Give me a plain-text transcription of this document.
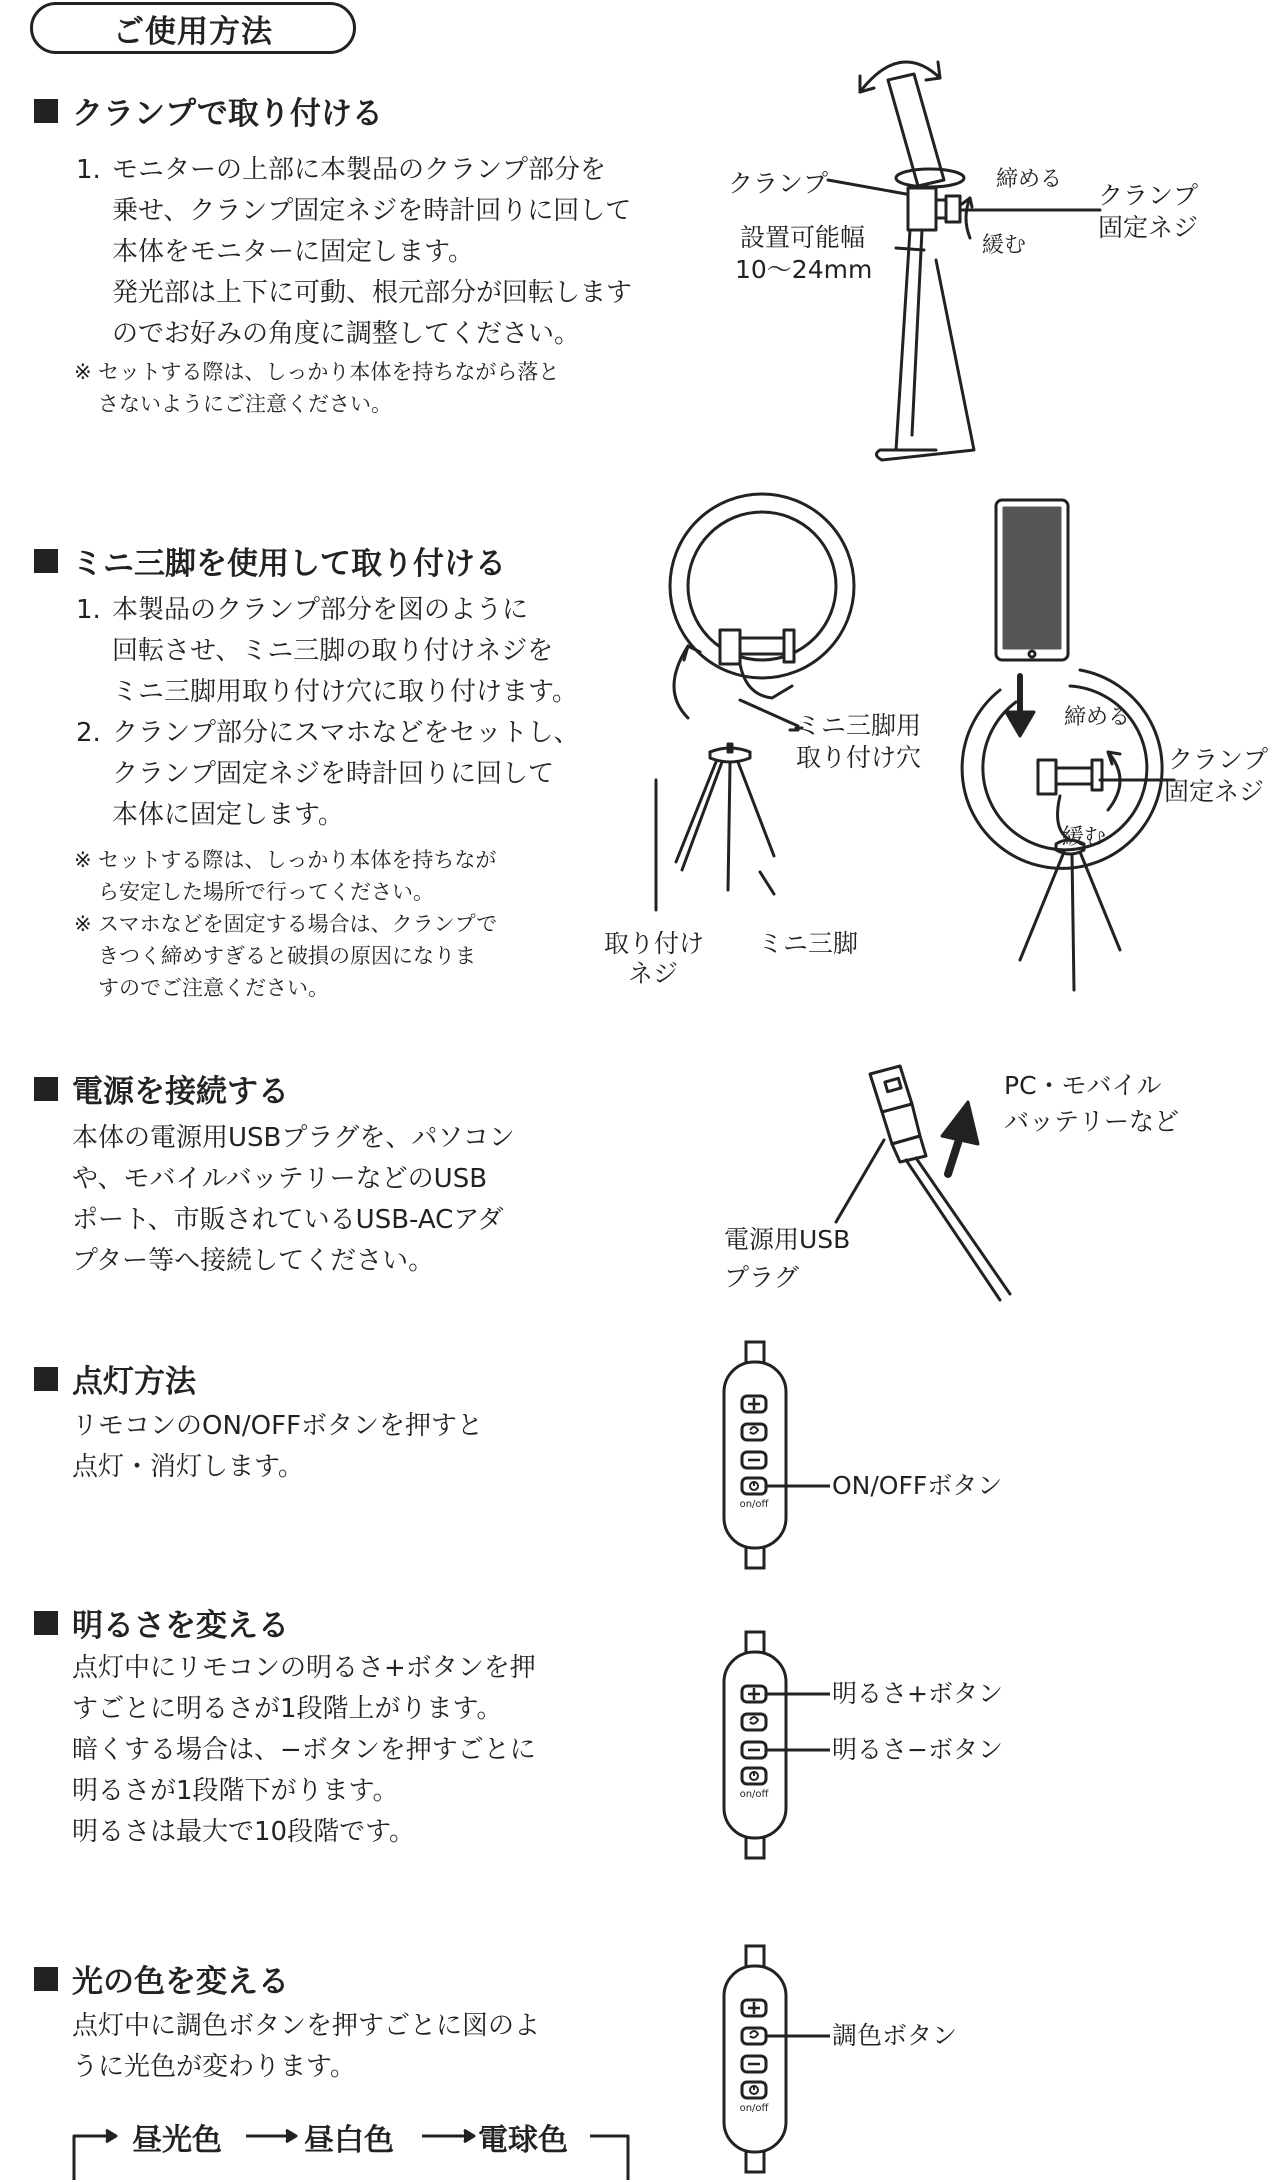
ご使用方法
クランプで取り付ける
1. モニターの上部に本製品のクランプ部分を
乗せ、クランプ固定ネジを時計回りに回して
本体をモニターに固定します。
発光部は上下に可動、根元部分が回転します
のでお好みの角度に調整してください。
※ セットする際は、しっかり本体を持ちながら落と
さないようにご注意ください。
クランプ	締める
緩む
クランプ
固定ネジ
設置可能幅
10〜24mm
ミニ三脚を使用して取り付ける
1. 本製品のクランプ部分を図のように
回転させ、ミニ三脚の取り付けネジを
ミニ三脚用取り付け穴に取り付けます。
2. クランプ部分にスマホなどをセットし、
クランプ固定ネジを時計回りに回して
本体に固定します。
※ セットする際は、しっかり本体を持ちなが
ら安定した場所で行ってください。
※ スマホなどを固定する場合は、クランプで
きつく締めすぎると破損の原因になりま
すのでご注意ください。
ミニ三脚用
取り付け穴
取り付け
ネジ
ミニ三脚
締める
緩む
クランプ
固定ネジ
電源を接続する
本体の電源用USBプラグを、パソコン
や、モバイルバッテリーなどのUSB
ポート、市販されているUSB-ACアダ
プター等へ接続してください。
PC・モバイル
バッテリーなど
電源用USB
プラグ
点灯方法
リモコンのON/OFFボタンを押すと
点灯・消灯します。
on/off
ON/OFFボタン
明るさを変える
点灯中にリモコンの明るさ+ボタンを押
すごとに明るさが1段階上がります。
暗くする場合は、−ボタンを押すごとに
明るさが1段階下がります。
明るさは最大で10段階です。
on/off
明るさ+ボタン
明るさ−ボタン
光の色を変える
点灯中に調色ボタンを押すごとに図のよ
うに光色が変わります。
on/off
調色ボタン
昼光色	昼白色	電球色
